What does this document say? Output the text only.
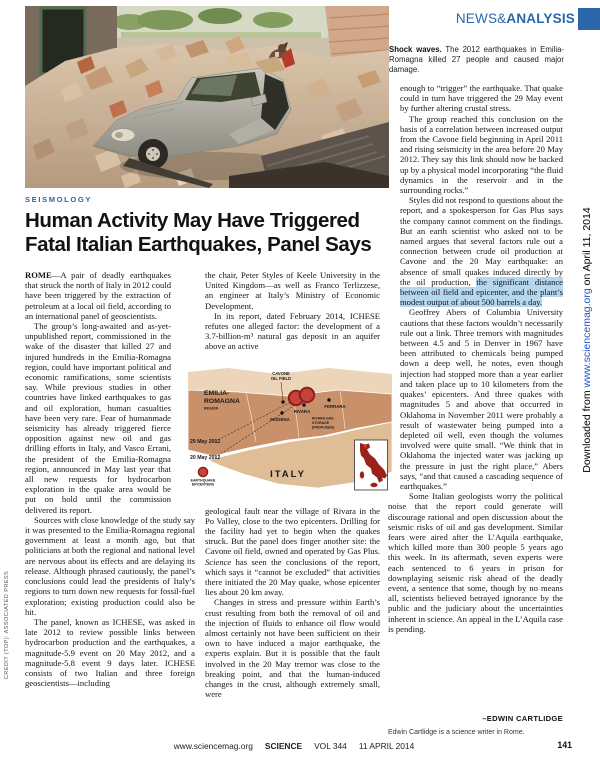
NEWS&ANALYSIS
Shock waves. The 2012 earthquakes in Emilia-Romagna killed 27 people and caused major damage.
SEISMOLOGY
Human Activity May Have Triggered Fatal Italian Earthquakes, Panel Says

ROME—A pair of deadly earthquakes that struck the north of Italy in 2012 could have been triggered by the extraction of petroleum at a local oil field, according to an international panel of geoscientists.

The group’s long-awaited and as-yet-unpublished report, commissioned in the wake of the disaster that killed 27 and injured hundreds in the Emilia-Romagna region, could have important political and economic ramifications, some scientists say. While previous studies in other countries have linked earthquakes to gas and oil exploration, human casualties have been very rare. Fear of humanmade seismicity has already triggered fierce opposition against new oil and gas drilling efforts in Italy, and Vasco Errani, the president of the Emilia-Romagna region, announced in May last year that all new requests for hydrocarbon exploration in the quake area would be put on hold until the commission delivered its report.

Sources with close knowledge of the study say it was presented to the Emilia-Romagna regional government at least a month ago, but that politicians at both the regional and national level are nervous about its effects and are delaying its release. Although phrased cautiously, the panel’s conclusions could lead the presidents of Italy’s regions to turn down new requests for fossil-fuel exploration; existing production could also be hit.

The panel, known as ICHESE, was asked in late 2012 to review possible links between hydrocarbon production and the earthquakes, a magnitude-5.9 event on 20 May 2012, and a magnitude-5.8 event 9 days later. ICHESE consists of two Italian and three foreign geoscientists—including

the chair, Peter Styles of Keele University in the United Kingdom—as well as Franco Terlizzese, an engineer at Italy’s Ministry of Economic Development.

In its report, dated February 2014, ICHESE refutes one alleged factor: the development of a 3.7-billion-m³ natural gas deposit in an aquifer above an active

CAVONE
OIL FIELD
RIVARA
FERRARA
MODENA	RIVARA GAS
STORAGE
(PROPOSED)
EMILIA-
ROMAGNA
REGION
29 May 2012
20 May 2012
EARTHQUAKE
EPICENTERS
ITALY

geological fault near the village of Rivara in the Po Valley, close to the two epicenters. Drilling for the facility had yet to begin when the quakes struck. But the panel does finger another site: the Cavone oil field, owned and operated by Gas Plus. Science has seen the conclusions of the report, which says it “cannot be excluded” that activities there initiated the 20 May quake, whose epicenter lies about 20 km away.

Changes in stress and pressure within Earth’s crust resulting from both the removal of oil and the injection of fluids to enhance oil flow would almost certainly not have been sufficient on their own to have induced a major earthquake, the experts explain. But it is possible that the fault involved in the 20 May tremor was close to the breaking point, and that the human-induced changes in the crust, although extremely small, were

enough to “trigger” the earthquake. That quake could in turn have triggered the 29 May event by further altering crustal stress.

The group reached this conclusion on the basis of a correlation between increased output from the Cavone field beginning in April 2011 and rising seismicity in the area before 20 May 2012. They say this link should now be backed up by a physical model incorporating “the fluid dynamics in the reservoir and in the surrounding rocks.”

Styles did not respond to questions about the report, and a spokesperson for Gas Plus says the company cannot comment on the findings. But an earth scientist who asked not to be named argues that several factors rule out a connection between crude oil production at Cavone and the 20 May earthquake: an absence of small quakes induced directly by the oil production, the significant distance between oil field and epicenter, and the plant’s modest output of about 500 barrels a day.

Geoffrey Abers of Columbia University cautions that these factors wouldn’t necessarily rule out a link. Three tremors with magnitudes between 4.5 and 5 in Denver in 1967 have been attributed to chemicals being pumped down a deep well, he notes, even though injection had stopped more than a year earlier and taken place up to 10 kilometers from the quakes’ epicenters. And three quakes with magnitudes 5 and above that occurred in Oklahoma in November 2011 were probably a result of wastewater being pumped into a depleted oil well, even though the volumes involved were quite small. “We think that in Oklahoma the injected water was jacking up the pressure in just the right place,” Abers says, “and that caused a cascading sequence of earthquakes.”

Some Italian geologists worry the political noise that the report could generate will discourage rational and open discussion about the seismic risks of oil and gas development. Similar fears were aired after the L’Aquila earthquake, which killed more than 300 people 5 years ago this week. In its aftermath, seven experts were each sentenced to 6 years in prison for downplaying seismic risk ahead of the deadly event, a sentence that some, though by no means all, scientists believed betrayed ignorance by the public and the judiciary about the uncertainties inherent in science. An appeal in the L’Aquila case is pending.

–EDWIN CARTLIDGE
Edwin Cartlidge is a science writer in Rome.
Downloaded from www.sciencemag.org on April 11, 2014
CREDIT (TOP): ASSOCIATED PRESS
www.sciencemag.org SCIENCE VOL 344 11 APRIL 2014	141
